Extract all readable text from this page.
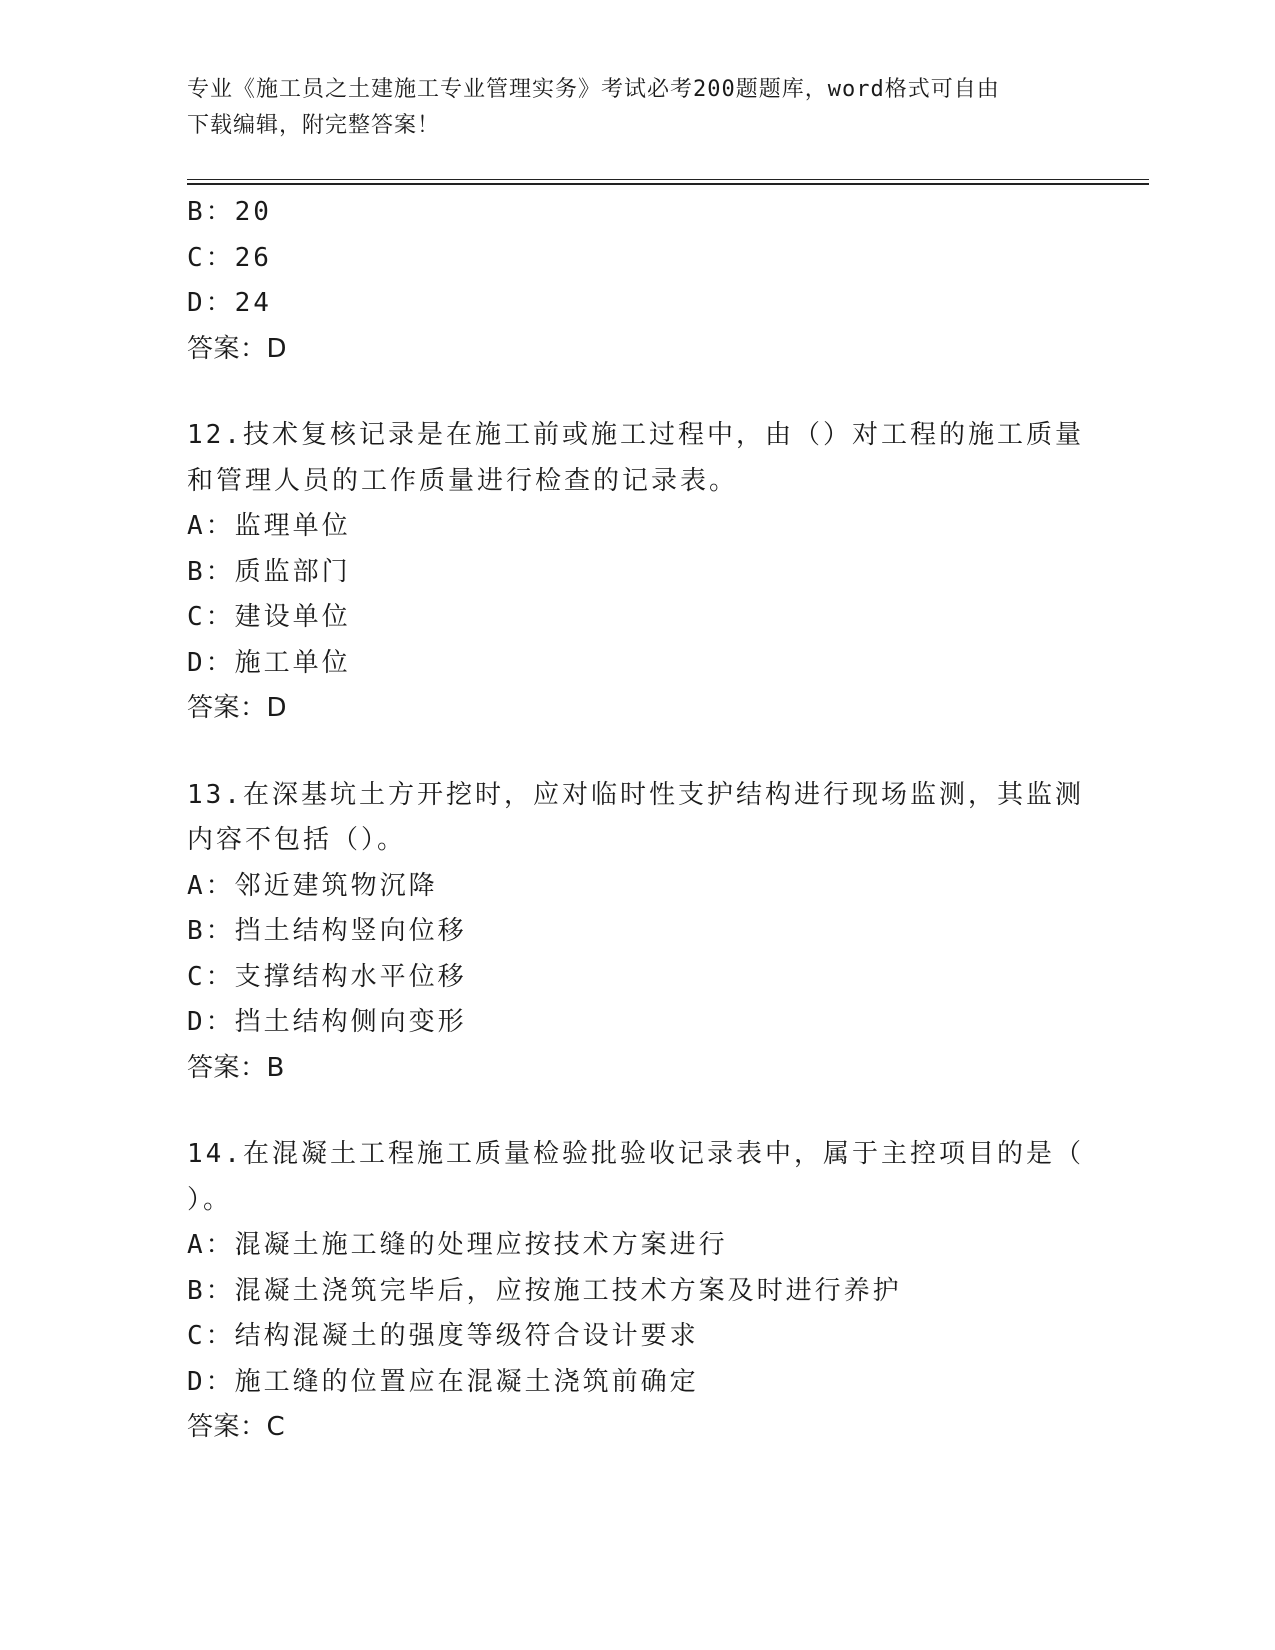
专业《施工员之土建施工专业管理实务》考试必考200题题库，word格式可自由
下载编辑，附完整答案！
B：20
C：26
D：24
答案：D
12.技术复核记录是在施工前或施工过程中，由（）对工程的施工质量
和管理人员的工作质量进行检查的记录表。
A：监理单位
B：质监部门
C：建设单位
D：施工单位
答案：D
13.在深基坑土方开挖时，应对临时性支护结构进行现场监测，其监测
内容不包括（）。
A：邻近建筑物沉降
B：挡土结构竖向位移
C：支撑结构水平位移
D：挡土结构侧向变形
答案：B
14.在混凝土工程施工质量检验批验收记录表中，属于主控项目的是（
）。
A：混凝土施工缝的处理应按技术方案进行
B：混凝土浇筑完毕后，应按施工技术方案及时进行养护
C：结构混凝土的强度等级符合设计要求
D：施工缝的位置应在混凝土浇筑前确定
答案：C
